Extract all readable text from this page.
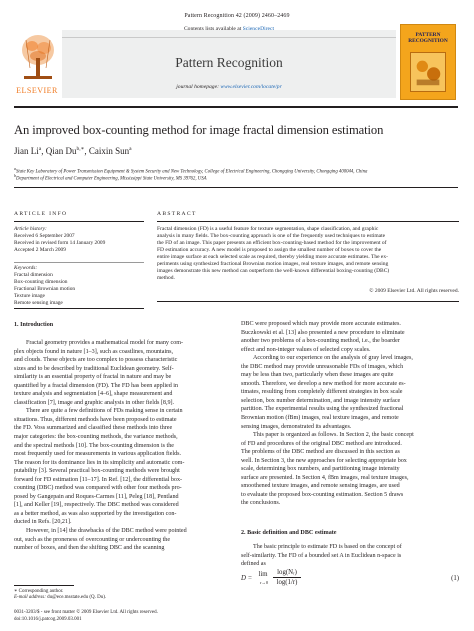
Pattern Recognition 42 (2009) 2460–2469
ELSEVIER
Contents lists available at ScienceDirect
Pattern Recognition
journal homepage: www.elsevier.com/locate/pr
PATTERN RECOGNITION
An improved box-counting method for image fractal dimension estimation
Jian Li$^a$, Qian $Du^{b,∗}$, Caixin Sun$^a$
$^a$State Key Laboratory of Power Transmission Equipment & System Security and New Technology, College of Electrical Engineering, Chongqing University, Chongqing 400044, China
$^b$Department of Electrical and Computer Engineering, Mississippi State University, MS 39762, USA
ARTICLE INFO
Article history:
Received 6 September 2007
Received in revised form 14 January 2009
Accepted 2 March 2009
Keywords:
Fractal dimension
Box-counting dimension
Fractional Brownian motion
Texture image
Remote sensing image
ABSTRACT
Fractal dimension (FD) is a useful feature for texture segmentation, shape classification, and graphic
analysis in many fields. The box-counting approach is one of the frequently used techniques to estimate
the FD of an image. This paper presents an efficient box-counting-based method for the improvement of
FD estimation accuracy. A new model is proposed to assign the smallest number of boxes to cover the
entire image surface at each selected scale as required, thereby yielding more accurate estimates. The ex-
periments using synthesized fractional Brownian motion images, real texture images, and remote sensing
images demonstrate this new method can outperform the well-known differential boxing-counting (DBC)
method.
© 2009 Elsevier Ltd. All rights reserved.
1. Introduction
Fractal geometry provides a mathematical model for many com-
plex objects found in nature [1–3], such as coastlines, mountains,
and clouds. These objects are too complex to possess characteristic
sizes and to be described by traditional Euclidean geometry. Self-
similarity is an essential property of fractal in nature and may be
quantified by a fractal dimension (FD). The FD has been applied in
texture analysis and segmentation [4–6], shape measurement and
classification [7], image and graphic analysis in other fields [8,9].
There are quite a few definitions of FDs making sense in certain
situations. Thus, different methods have been proposed to estimate
the FD. Voss summarized and classified these methods into three
major categories: the box-counting methods, the variance methods,
and the spectral methods [10]. The box-counting dimension is the
most frequently used for measurements in various application fields.
The reason for its dominance lies in its simplicity and automatic com-
putability [3]. Several practical box-counting methods were brought
forward for FD estimation [11–17]. In Ref. [12], the differential box-
counting (DBC) method was compared with other four methods pro-
posed by Gangepain and Roques-Carmes [11], Peleg [18], Pentland
[1], and Keller [19], respectively. The DBC method was considered
as a better method, as was also supported by the investigation con-
ducted in Refs. [20,21].
However, in [14] the drawbacks of the DBC method were pointed
out, such as the proneness of overcounting or undercounting the
number of boxes, and then the shifting DBC and the scanning
DBC were proposed which may provide more accurate estimates.
Buczkowski et al. [13] also presented a new procedure to eliminate
another two problems of a box-counting method, i.e., the boarder
effect and non-integer values of selected copy scales.
According to our experience on the analysis of gray level images,
the DBC method may provide unreasonable FDs of images, which
may be less than two, particularly when these images are quite
smooth. Therefore, we develop a new method for more accurate es-
timates, resulting from completely different strategies in box scale
selection, box number determination, and image intensity surface
partition. The experimental results using the synthesized fractional
Brownian motion (fBm) images, real texture images, and remote
sensing images, demonstrated its advantages.
This paper is organized as follows. In Section 2, the basic concept
of FD and procedures of the original DBC method are introduced.
The problems of the DBC method are discussed in this section as
well. In Section 3, the new approaches for selecting appropriate box
scale, determining box numbers, and partitioning image intensity
surface are presented. In Section 4, fBm images, real texture images,
smoothened texture images, and remote sensing images, are used
to evaluate the proposed box-counting estimation. Section 5 draws
the conclusions.
2. Basic definition and DBC estimate
The basic principle to estimate FD is based on the concept of
self-similarity. The FD of a bounded set A in Euclidean n-space is
defined as
D =
lim
$r\to 0 \frac{\text{log(Nᵣ)}}{\log(1/r)}$	(1)
∗ Corresponding author.
E-mail address: du@ece.msstate.edu (Q. Du).
0031-3203/$ - see front matter © 2009 Elsevier Ltd. All rights reserved.
doi:10.1016/j.patcog.2009.03.001
